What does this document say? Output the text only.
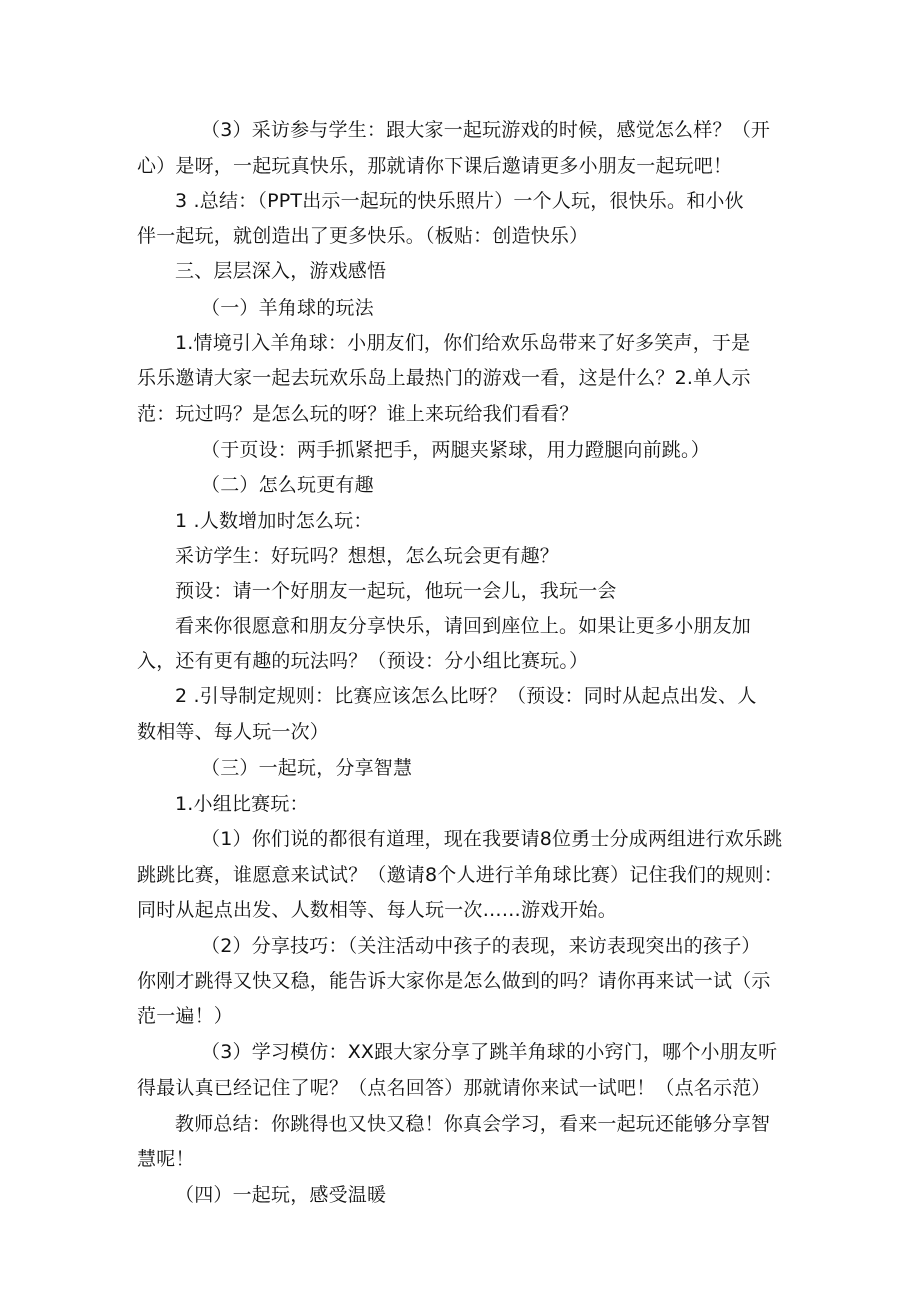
（3）采访参与学生：跟大家一起玩游戏的时候，感觉怎么样？（开
心）是呀，一起玩真快乐，那就请你下课后邀请更多小朋友一起玩吧！
3 .总结：（PPT出示一起玩的快乐照片）一个人玩，很快乐。和小伙
伴一起玩，就创造出了更多快乐。（板贴：创造快乐）
三、层层深入，游戏感悟
（一）羊角球的玩法
1.情境引入羊角球：小朋友们，你们给欢乐岛带来了好多笑声，于是
乐乐邀请大家一起去玩欢乐岛上最热门的游戏一看，这是什么？2.单人示
范：玩过吗？是怎么玩的呀？谁上来玩给我们看看？
（于页设：两手抓紧把手，两腿夹紧球，用力蹬腿向前跳。）
（二）怎么玩更有趣
1 .人数增加时怎么玩：
采访学生：好玩吗？想想，怎么玩会更有趣？
预设：请一个好朋友一起玩，他玩一会儿，我玩一会
看来你很愿意和朋友分享快乐，请回到座位上。如果让更多小朋友加
入，还有更有趣的玩法吗？（预设：分小组比赛玩。）
2 .引导制定规则：比赛应该怎么比呀？（预设：同时从起点出发、人
数相等、每人玩一次）
（三）一起玩，分享智慧
1.小组比赛玩：
（1）你们说的都很有道理，现在我要请8位勇士分成两组进行欢乐跳
跳跳比赛，谁愿意来试试？（邀请8个人进行羊角球比赛）记住我们的规则：
同时从起点出发、人数相等、每人玩一次……游戏开始。
（2）分享技巧：（关注活动中孩子的表现，来访表现突出的孩子）
你刚才跳得又快又稳，能告诉大家你是怎么做到的吗？请你再来试一试（示
范一遍！）
（3）学习模仿：XX跟大家分享了跳羊角球的小窍门，哪个小朋友听
得最认真已经记住了呢？（点名回答）那就请你来试一试吧！（点名示范）
教师总结：你跳得也又快又稳！你真会学习，看来一起玩还能够分享智
慧呢！
（四）一起玩，感受温暖
